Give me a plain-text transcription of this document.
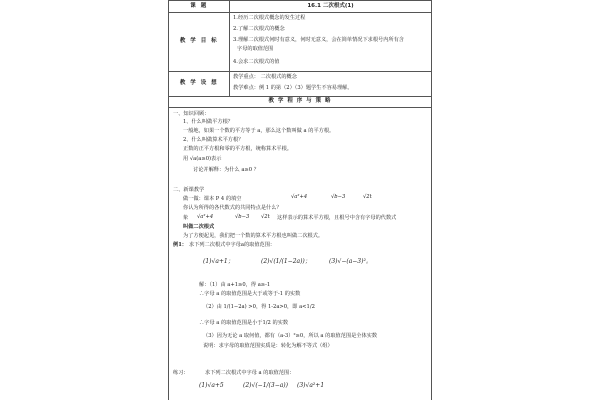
课 题	16.1 二次根式(1)
教 学 目 标
1.经历二次根式概念的发生过程
2.了解二次根式的概念
3.理解二次根式何时有意义，何时无意义，会在简单情况下求根号内所有含
字母的取值范围
4.会求二次根式的值
教 学 设 想
教学重点： 二次根式的概念
教学难点：例 1 的第（2）（3）题学生不容易理解。
教 学 程 序 与 策 略
一、知识回顾：
1、什么叫做平方根？
一般地，如果一个数的平方等于 a，那么这个数叫做 a 的平方根。
2、什么叫做算术平方根？
正数的正平方根和零的平方根，统称算术平根。
用 √a(a≥0)表示
讨论并解释：为什么 a≥0 ？
二、新课教学
做一做：课本 P 4 的填空	√a²+4	√b−3	√2t
你认为所得的各代数式的共同特点是什么？
象 √a²+4	√b−3 √2t 这样表示的算术平方根，且根号中含有字母的代数式
叫做二次根式
为了方便起见，我们把一个数的算术平方根也叫做二次根式。
例1： 求下列二次根式中字母a的取值范围：
(1)√a+1；	(2)√(1/(1−2a))；	(3)√−(a−3)²。
解：（1）由 a+1≥0，得 a≥-1
∴字母 a 的取值范围是大于或等于-1 的实数
（2）由 1/(1−2a) >0，得 1-2a>0，即 a<1/2
∴字母 a 的取值范围是小于1/2 的实数
（3）因为无论 a 取何值，都有（a-3）²≥0，所以 a 的取值范围是全体实数
说明：求字母的取值范围实质是：转化为解不等式（组）
练习：	求下列二次根式中字母 a 的取值范围：
(1)√a+5	(2)√(−1/(3−a)) (3)√a²+1
